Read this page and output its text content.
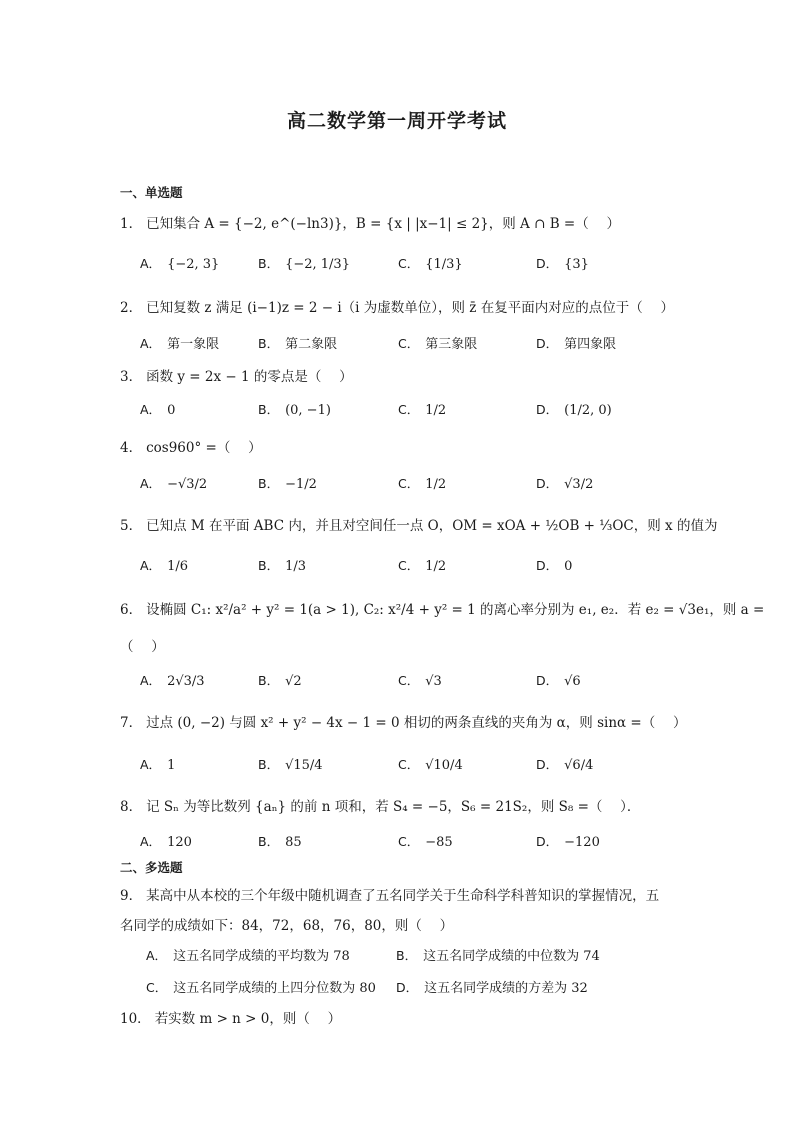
高二数学第一周开学考试
一、单选题
1． 已知集合 A = {−2, e^(−ln3)}，B = {x | |x−1| ≤ 2}，则 A ∩ B =（　 ）
A． {−2, 3}	B． {−2, 1/3}	C． {1/3}	D． {3}
2． 已知复数 z 满足 (i−1)z = 2 − i（i 为虚数单位），则 z̄ 在复平面内对应的点位于（　 ）
A． 第一象限	B． 第二象限	C． 第三象限	D． 第四象限
3． 函数 y = 2x − 1 的零点是（　 ）
A． 0	B． (0, −1)	C． 1/2	D． (1/2, 0)
4． cos960° =（　 ）
A． −√3/2	B． −1/2	C． 1/2	D． √3/2
5． 已知点 M 在平面 ABC 内，并且对空间任一点 O，OM = xOA + ½OB + ⅓OC，则 x 的值为
A． 1/6	B． 1/3	C． 1/2	D． 0
6． 设椭圆 C₁: x²/a² + y² = 1(a > 1), C₂: x²/4 + y² = 1 的离心率分别为 e₁, e₂．若 e₂ = √3e₁，则 a =
（　 ）
A． 2√3/3	B． √2	C． √3	D． √6
7． 过点 (0, −2) 与圆 x² + y² − 4x − 1 = 0 相切的两条直线的夹角为 α，则 sinα =（　 ）
A． 1	B． √15/4	C． √10/4	D． √6/4
8． 记 Sₙ 为等比数列 {aₙ} 的前 n 项和，若 S₄ = −5，S₆ = 21S₂，则 S₈ =（　 ）．
A． 120	B． 85	C． −85	D． −120
二、多选题
9． 某高中从本校的三个年级中随机调查了五名同学关于生命科学科普知识的掌握情况，五
名同学的成绩如下：84，72，68，76，80，则（　 ）
A． 这五名同学成绩的平均数为 78	B． 这五名同学成绩的中位数为 74
C． 这五名同学成绩的上四分位数为 80 D． 这五名同学成绩的方差为 32
10． 若实数 m > n > 0，则（　 ）
